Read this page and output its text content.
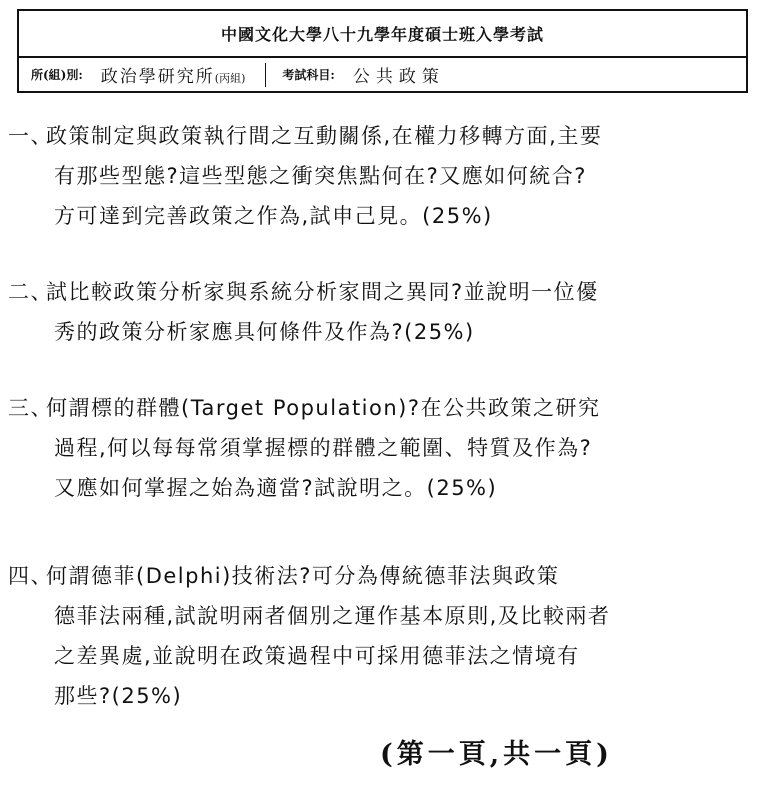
中國文化大學八十九學年度碩士班入學考試
所(組)別: 政治學研究所(丙組)	考試科目: 公共政策
一、政策制定與政策執行間之互動關係,在權力移轉方面,主要
有那些型態?這些型態之衝突焦點何在?又應如何統合?
方可達到完善政策之作為,試申己見。(25%)
二、試比較政策分析家與系統分析家間之異同?並說明一位優
秀的政策分析家應具何條件及作為?(25%)
三、何謂標的群體(Target Population)?在公共政策之研究
過程,何以每每常須掌握標的群體之範圍、特質及作為?
又應如何掌握之始為適當?試說明之。(25%)
四、何謂德菲(Delphi)技術法?可分為傳統德菲法與政策
德菲法兩種,試說明兩者個別之運作基本原則,及比較兩者
之差異處,並說明在政策過程中可採用德菲法之情境有
那些?(25%)
(第一頁,共一頁)
